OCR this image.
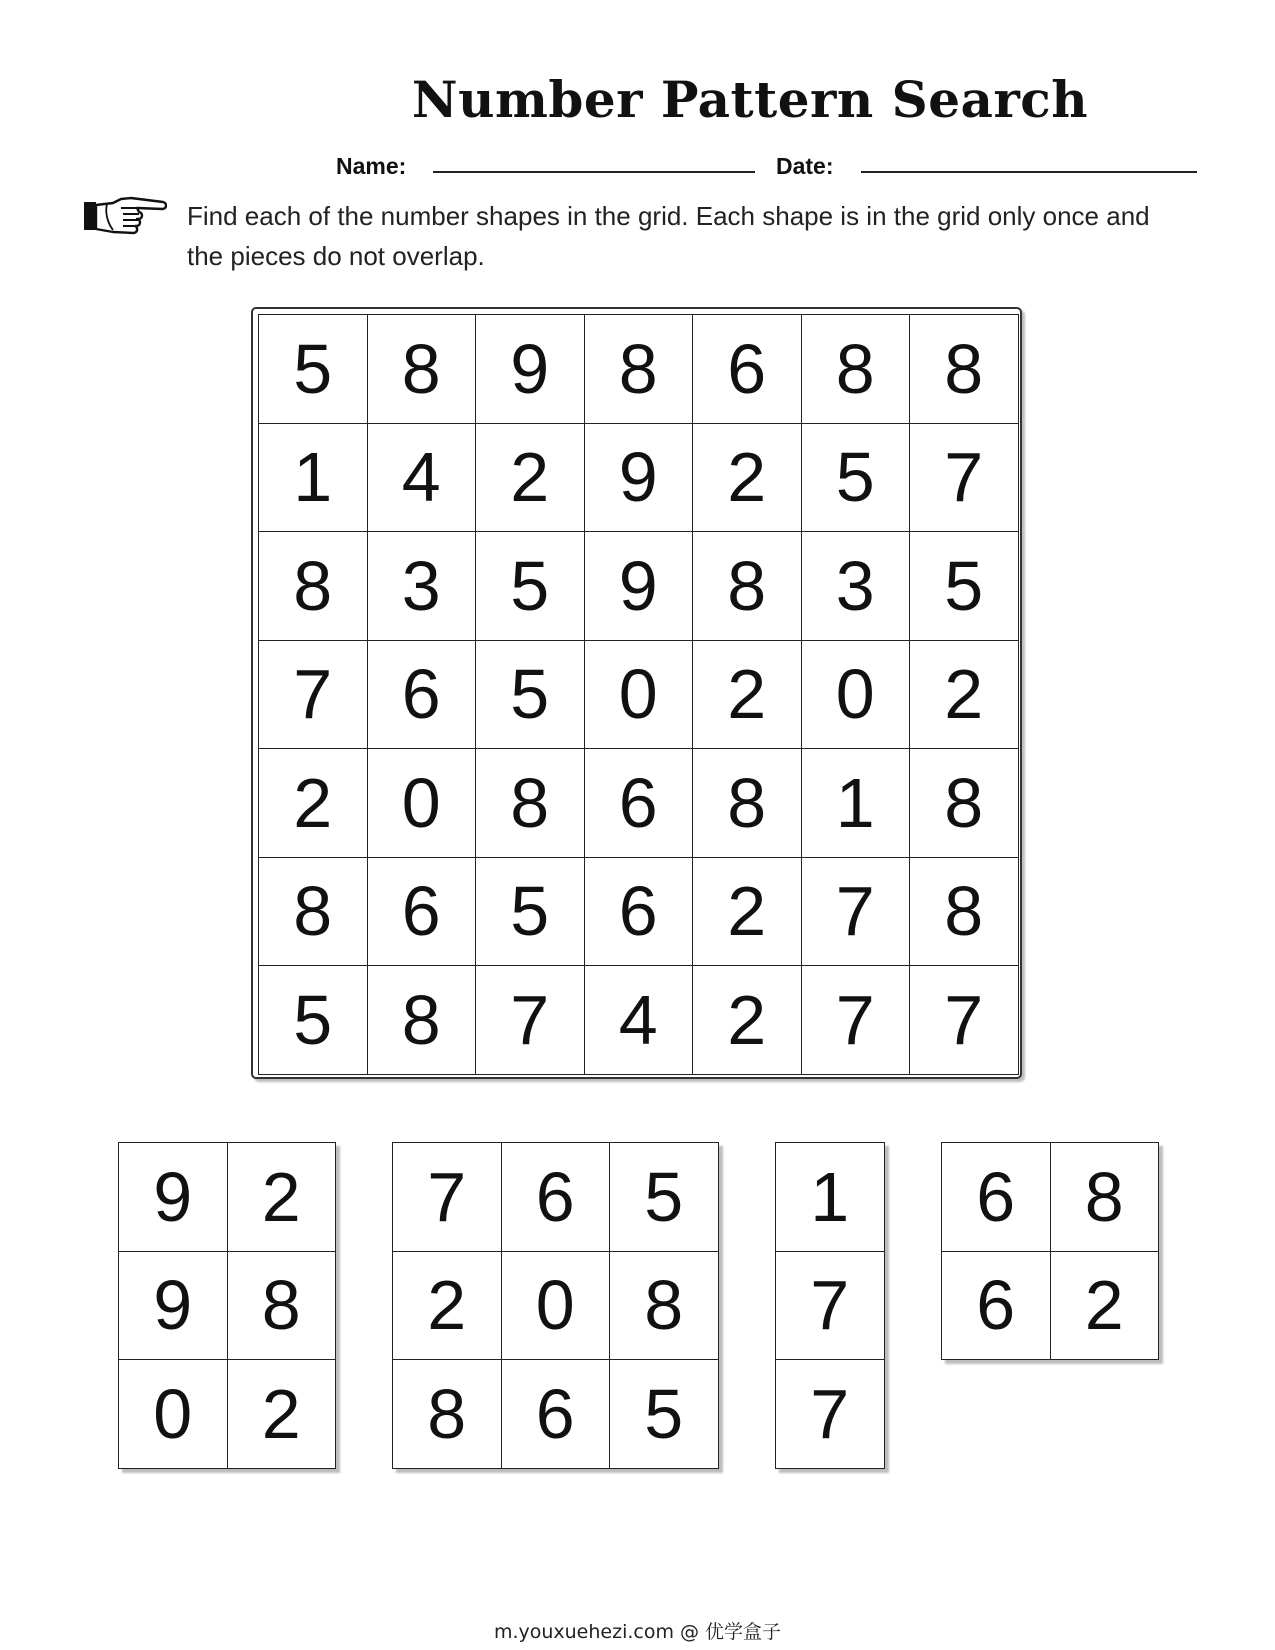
Number Pattern Search
Name:	Date:
Find each of the number shapes in the grid. Each shape is in the grid only once and
the pieces do not overlap.
5 8 9 8 6 8 8
1 4 2 9 2 5 7
8 3 5 9 8 3 5
7 6 5 0 2 0 2
2 0 8 6 8 1 8
8 6 5 6 2 7 8
5 8 7 4 2 7 7
9 2
9 8
0 2
7 6 5
2 0 8
8 6 5
1
7
7
6 8
6 2
m.youxuehezi.com @ 优学盒子
